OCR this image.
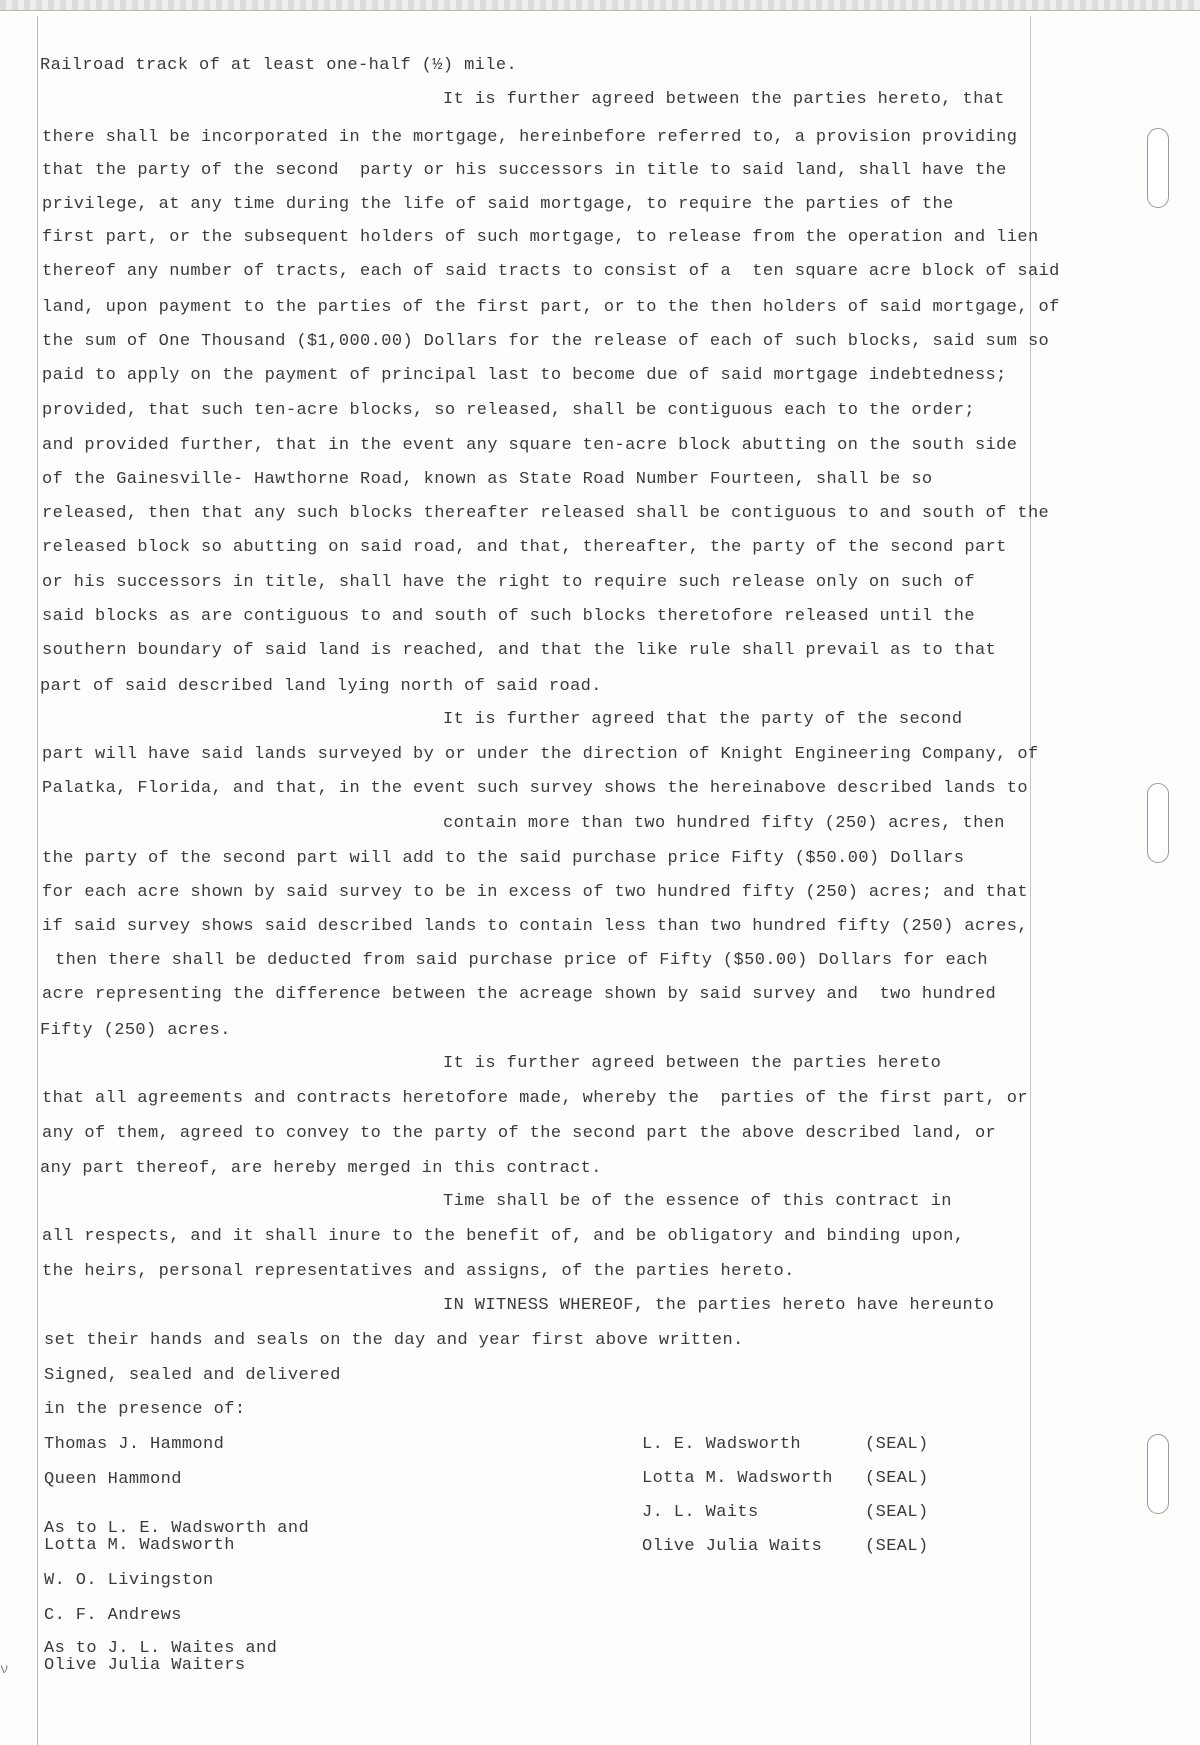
ν
Railroad track of at least one-half (½) mile.
It is further agreed between the parties hereto, that
there shall be incorporated in the mortgage, hereinbefore referred to, a provision providing
that the party of the second  party or his successors in title to said land, shall have the
privilege, at any time during the life of said mortgage, to require the parties of the
first part, or the subsequent holders of such mortgage, to release from the operation and lien
thereof any number of tracts, each of said tracts to consist of a  ten square acre block of said
land, upon payment to the parties of the first part, or to the then holders of said mortgage, of
the sum of One Thousand ($1,000.00) Dollars for the release of each of such blocks, said sum so
paid to apply on the payment of principal last to become due of said mortgage indebtedness;
provided, that such ten-acre blocks, so released, shall be contiguous each to the order;
and provided further, that in the event any square ten-acre block abutting on the south side
of the Gainesville- Hawthorne Road, known as State Road Number Fourteen, shall be so
released, then that any such blocks thereafter released shall be contiguous to and south of the
released block so abutting on said road, and that, thereafter, the party of the second part
or his successors in title, shall have the right to require such release only on such of
said blocks as are contiguous to and south of such blocks theretofore released until the
southern boundary of said land is reached, and that the like rule shall prevail as to that
part of said described land lying north of said road.
It is further agreed that the party of the second
part will have said lands surveyed by or under the direction of Knight Engineering Company, of
Palatka, Florida, and that, in the event such survey shows the hereinabove described lands to
contain more than two hundred fifty (250) acres, then
the party of the second part will add to the said purchase price Fifty ($50.00) Dollars
for each acre shown by said survey to be in excess of two hundred fifty (250) acres; and that
if said survey shows said described lands to contain less than two hundred fifty (250) acres,
then there shall be deducted from said purchase price of Fifty ($50.00) Dollars for each
acre representing the difference between the acreage shown by said survey and  two hundred
Fifty (250) acres.
It is further agreed between the parties hereto
that all agreements and contracts heretofore made, whereby the  parties of the first part, or
any of them, agreed to convey to the party of the second part the above described land, or
any part thereof, are hereby merged in this contract.
Time shall be of the essence of this contract in
all respects, and it shall inure to the benefit of, and be obligatory and binding upon,
the heirs, personal representatives and assigns, of the parties hereto.
IN WITNESS WHEREOF, the parties hereto have hereunto
set their hands and seals on the day and year first above written.
Signed, sealed and delivered
in the presence of:
Thomas J. Hammond
Queen Hammond
As to L. E. Wadsworth and
Lotta M. Wadsworth
W. O. Livingston
C. F. Andrews
As to J. L. Waites and
Olive Julia Waiters
L. E. Wadsworth	(SEAL)
Lotta M. Wadsworth (SEAL)
J. L. Waits	(SEAL)
Olive Julia Waits	(SEAL)
